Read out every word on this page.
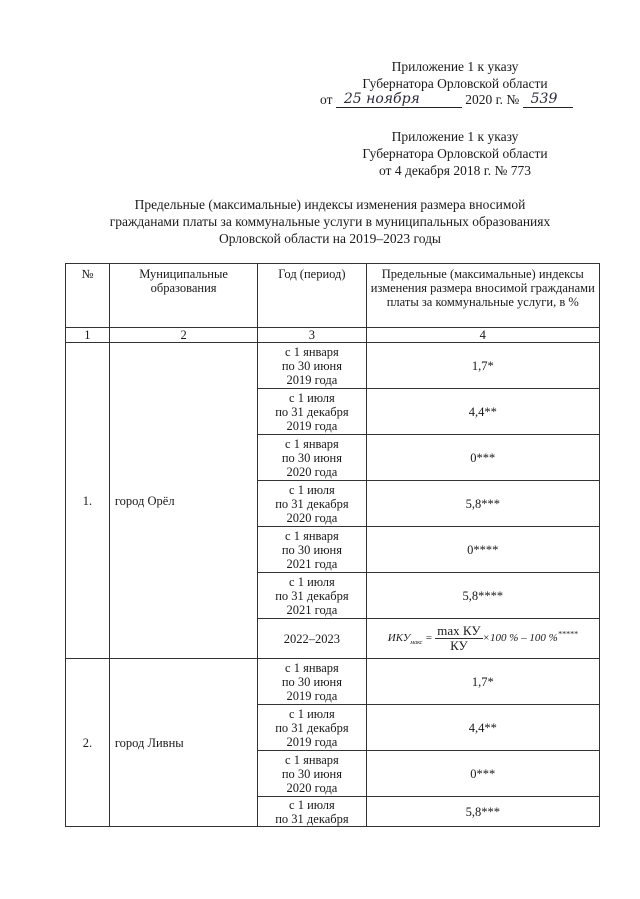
Приложение 1 к указу
Губернатора Орловской области
от 25 ноября	2020 г. № 539
Приложение 1 к указу
Губернатора Орловской области
от 4 декабря 2018 г. № 773
Предельные (максимальные) индексы изменения размера вносимой
гражданами платы за коммунальные услуги в муниципальных образованиях
Орловской области на 2019–2023 годы
№	Муниципальные образования	Год (период)	Предельные (максимальные) индексы изменения размера вносимой гражданами платы за коммунальные услуги, в %
1	2	3	4
1.	город Орёл	с 1 января
по 30 июня
2019 года	1,7*

		с 1 июля
по 31 декабря
2019 года	4,4**

		с 1 января
по 30 июня
2020 года	0***

		с 1 июля
по 31 декабря
2020 года	5,8***

		с 1 января
по 30 июня
2021 года	0****

		с 1 июля
по 31 декабря
2021 года	5,8****

		2022–2023	$ИКУ_{макс} = \frac{\text{max КУ}}{КУ} \times 100$ % – 100 %*****
2.	город Ливны	с 1 января
по 30 июня
2019 года	1,7*

		с 1 июля
по 31 декабря
2019 года	4,4**

		с 1 января
по 30 июня
2020 года	0***

		с 1 июля
по 31 декабря	5,8***
